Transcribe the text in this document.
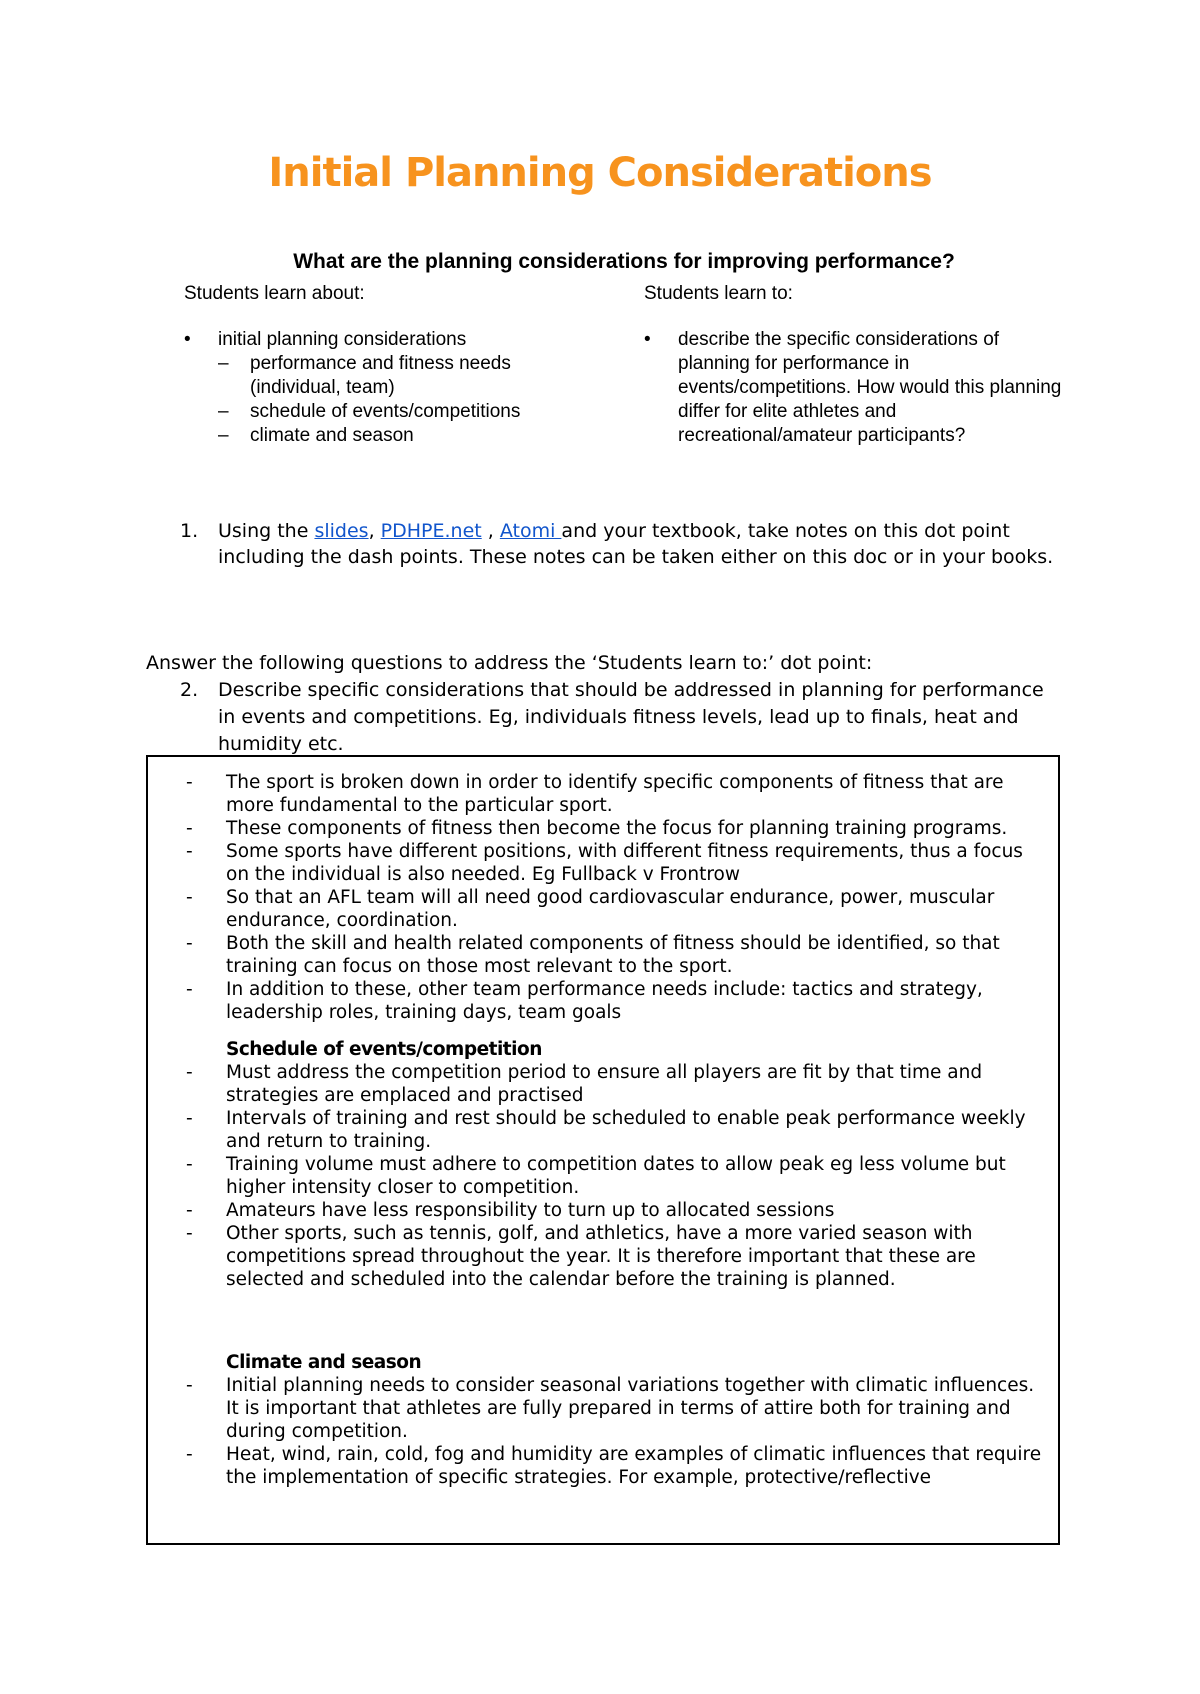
Initial Planning Considerations
What are the planning considerations for improving performance?
Students learn about:
•	initial planning considerations
–	performance and fitness needs (individual, team)
–	schedule of events/competitions
–	climate and season
Students learn to:
•	describe the specific considerations of planning for performance in events/competitions. How would this planning differ for elite athletes and recreational/amateur participants?
1.	Using the slides, PDHPE.net , Atomi and your textbook, take notes on this dot point including the dash points. These notes can be taken either on this doc or in your books.
Answer the following questions to address the ‘Students learn to:’ dot point:
2.	Describe specific considerations that should be addressed in planning for performance in events and competitions. Eg, individuals fitness levels, lead up to finals, heat and humidity etc.
-	The sport is broken down in order to identify specific components of fitness that are more fundamental to the particular sport.
-	These components of fitness then become the focus for planning training programs.
-	Some sports have different positions, with different fitness requirements, thus a focus on the individual is also needed. Eg Fullback v Frontrow
-	So that an AFL team will all need good cardiovascular endurance, power, muscular endurance, coordination.
-	Both the skill and health related components of fitness should be identified, so that training can focus on those most relevant to the sport.
-	In addition to these, other team performance needs include: tactics and strategy, leadership roles, training days, team goals
Schedule of events/competition
-	Must address the competition period to ensure all players are fit by that time and strategies are emplaced and practised
-	Intervals of training and rest should be scheduled to enable peak performance weekly and return to training.
-	Training volume must adhere to competition dates to allow peak eg less volume but higher intensity closer to competition.
-	Amateurs have less responsibility to turn up to allocated sessions
-	Other sports, such as tennis, golf, and athletics, have a more varied season with competitions spread throughout the year. It is therefore important that these are selected and scheduled into the calendar before the training is planned.
Climate and season
-	Initial planning needs to consider seasonal variations together with climatic influences. It is important that athletes are fully prepared in terms of attire both for training and during competition.
-	Heat, wind, rain, cold, fog and humidity are examples of climatic influences that require the implementation of specific strategies. For example, protective/reflective
